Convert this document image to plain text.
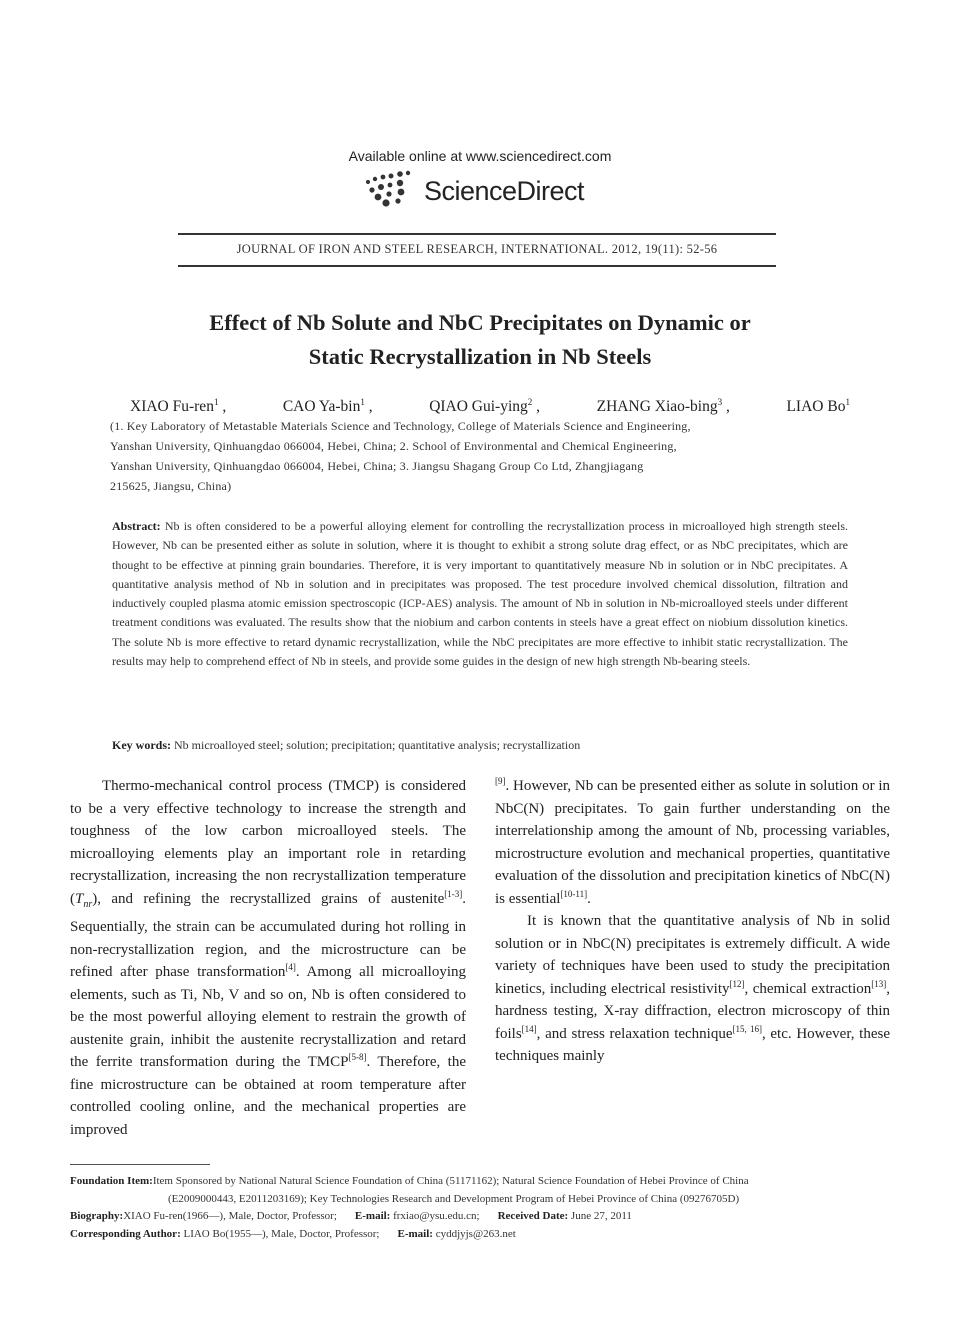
Available online at www.sciencedirect.com
ScienceDirect
JOURNAL OF IRON AND STEEL RESEARCH, INTERNATIONAL. 2012, 19(11): 52-56
Effect of Nb Solute and NbC Precipitates on Dynamic or
Static Recrystallization in Nb Steels
XIAO Fu-ren$^1$ ,	CAO Ya-bin$^1$ ,	QIAO Gui-ying$^2$ ,	ZHANG Xiao-bing$^3$ ,	LIAO Bo$^1$
(1. Key Laboratory of Metastable Materials Science and Technology, College of Materials Science and Engineering,
Yanshan University, Qinhuangdao 066004, Hebei, China; 2. School of Environmental and Chemical Engineering,
Yanshan University, Qinhuangdao 066004, Hebei, China; 3. Jiangsu Shagang Group Co Ltd, Zhangjiagang
215625, Jiangsu, China)
Abstract: Nb is often considered to be a powerful alloying element for controlling the recrystallization process in microalloyed high strength steels. However, Nb can be presented either as solute in solution, where it is thought to exhibit a strong solute drag effect, or as NbC precipitates, which are thought to be effective at pinning grain boundaries. Therefore, it is very important to quantitatively measure Nb in solution or in NbC precipitates. A quantitative analysis method of Nb in solution and in precipitates was proposed. The test procedure involved chemical dissolution, filtration and inductively coupled plasma atomic emission spectroscopic (ICP-AES) analysis. The amount of Nb in solution in Nb-microalloyed steels under different treatment conditions was evaluated. The results show that the niobium and carbon contents in steels have a great effect on niobium dissolution kinetics. The solute Nb is more effective to retard dynamic recrystallization, while the NbC precipitates are more effective to inhibit static recrystallization. The results may help to comprehend effect of Nb in steels, and provide some guides in the design of new high strength Nb-bearing steels.
Key words: Nb microalloyed steel; solution; precipitation; quantitative analysis; recrystallization

Thermo-mechanical control process (TMCP) is considered to be a very effective technology to increase the strength and toughness of the low carbon microalloyed steels. The microalloying elements play an important role in retarding recrystallization, increasing the non recrystallization temperature $(T_{nr})$, and refining the recrystallized grains of austenite[1-3]. Sequentially, the strain can be accumulated during hot rolling in non-recrystallization region, and the microstructure can be refined after phase transformation[4]. Among all microalloying elements, such as Ti, Nb, V and so on, Nb is often considered to be the most powerful alloying element to restrain the growth of austenite grain, inhibit the austenite recrystallization and retard the ferrite transformation during the TMCP[5-8]. Therefore, the fine microstructure can be obtained at room temperature after controlled cooling online, and the mechanical properties are improved

[9]. However, Nb can be presented either as solute in solution or in NbC(N) precipitates. To gain further understanding on the interrelationship among the amount of Nb, processing variables, microstructure evolution and mechanical properties, quantitative evaluation of the dissolution and precipitation kinetics of NbC(N) is essential[10-11].

It is known that the quantitative analysis of Nb in solid solution or in NbC(N) precipitates is extremely difficult. A wide variety of techniques have been used to study the precipitation kinetics, including electrical resistivity[12], chemical extraction[13], hardness testing, X-ray diffraction, electron microscopy of thin foils[14], and stress relaxation technique[15, 16], etc. However, these techniques mainly

Foundation Item:Item Sponsored by National Natural Science Foundation of China (51171162); Natural Science Foundation of Hebei Province of China
(E2009000443, E2011203169); Key Technologies Research and Development Program of Hebei Province of China (09276705D)
Biography:XIAO Fu-ren(1966—), Male, Doctor, Professor; E-mail: frxiao@ysu.edu.cn; Received Date: June 27, 2011
Corresponding Author: LIAO Bo(1955—), Male, Doctor, Professor; E-mail: cyddjyjs@263.net
